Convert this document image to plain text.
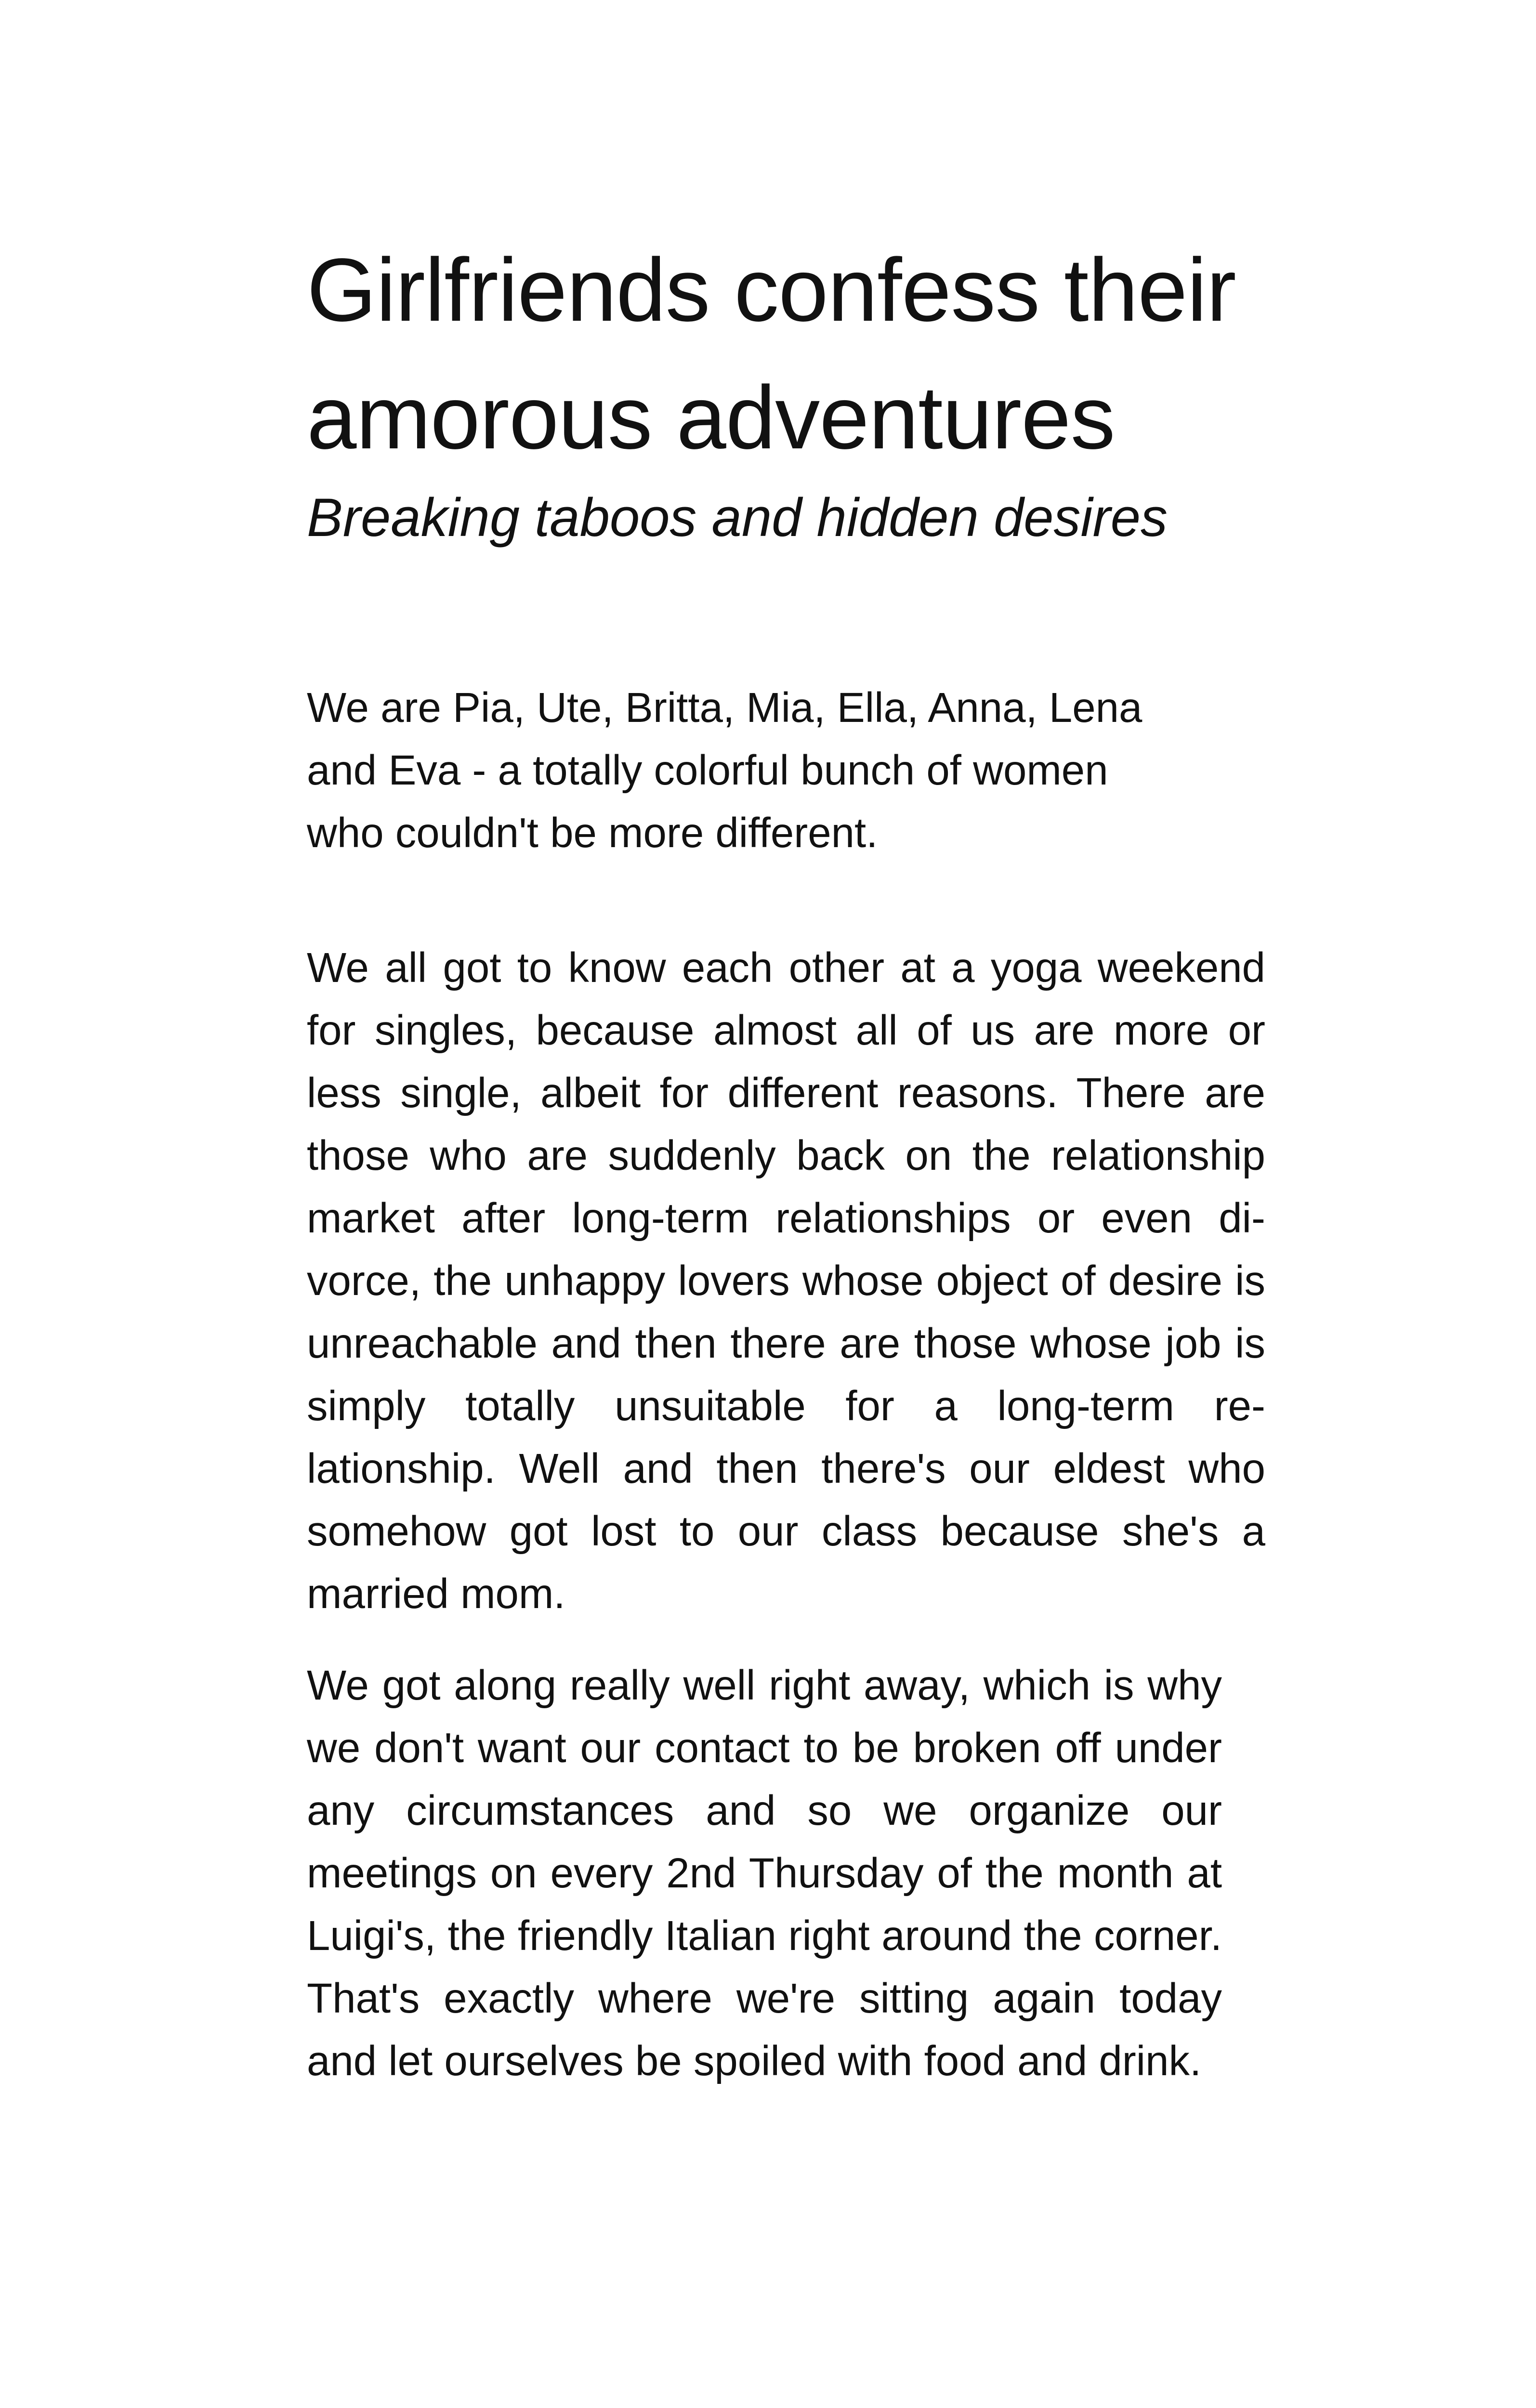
Girlfriends confess their
amorous adventures

Breaking taboos and hidden desires

We are Pia, Ute, Britta, Mia, Ella, Anna, Lena and Eva - a totally colorful bunch of women who couldn't be more different.

We all got to know each other at a yoga weekend for singles, because almost all of us are more or less single, albeit for different reasons. There are those who are suddenly back on the relationship market after long-term relationships or even divorce, the unhappy lovers whose object of desire is unreachable and then there are those whose job is simply totally unsuitable for a long-term relationship. Well and then there's our eldest who somehow got lost to our class because she's a married mom.

We got along really well right away, which is why we don't want our contact to be broken off under any circumstances and so we organize our meetings on every 2nd Thursday of the month at Luigi's, the friendly Italian right around the corner. That's exactly where we're sitting again today and let ourselves be spoiled with food and drink.
